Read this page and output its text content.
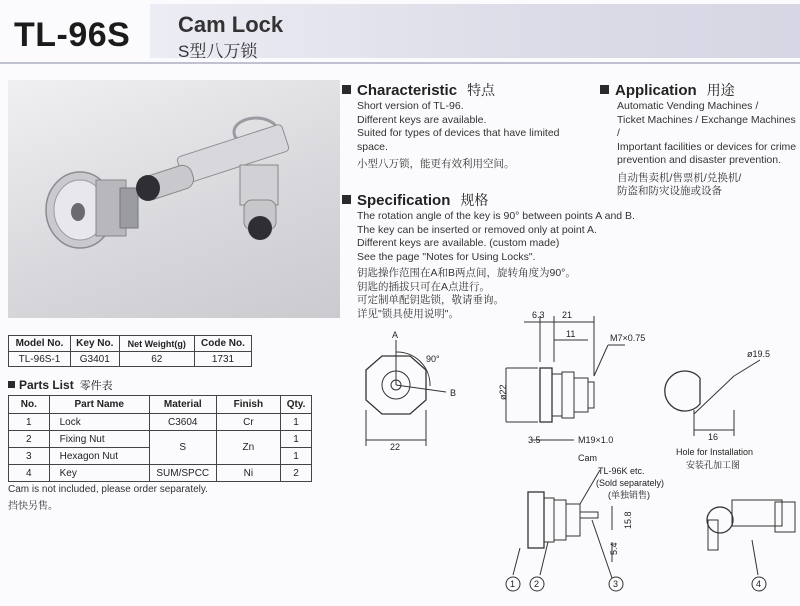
TL-96S Cam Lock
S型八万锁
Model No.	Key No.	Net Weight(g)	Code No.
TL-96S-1	G3401	62	1731
Parts List 零件表
No.	Part Name	Material	Finish	Qty.
1	Lock	C3604	Cr	1
2	Fixing Nut	S	Zn	1
3	Hexagon Nut			1
4	Key	SUM/SPCC	Ni	2
Cam is not included, please order separately.
挡快另售。
Characteristic 特点
Short version of TL-96.
Different keys are available.
Suited for types of devices that have limited
space.
小型八万锁，能更有效利用空间。
Application 用途
Automatic Vending Machines /
Ticket Machines / Exchange Machines /
Important facilities or devices for crime
prevention and disaster prevention.
自动售卖机/售票机/兑换机/
防盗和防灾设施或设备
Specification 规格
The rotation angle of the key is 90° between points A and B.
The key can be inserted or removed only at point A.
Different keys are available. (custom made)
See the page "Notes for Using Locks".
钥匙操作范围在A和B两点间，旋转角度为90°。
钥匙的插拔只可在A点进行。
可定制单配钥匙锁，敬请垂询。
详见"锁具使用说明"。
A
B
90°
22
6.3 21
11	M7×0.75
ø22
3.5	M19×1.0
ø19.5
16
Hole for Installation
安装孔加工图
Cam
TL-96K etc.
(Sold separately)
(单独销售)
15.8
5.4
1 2	3	4
